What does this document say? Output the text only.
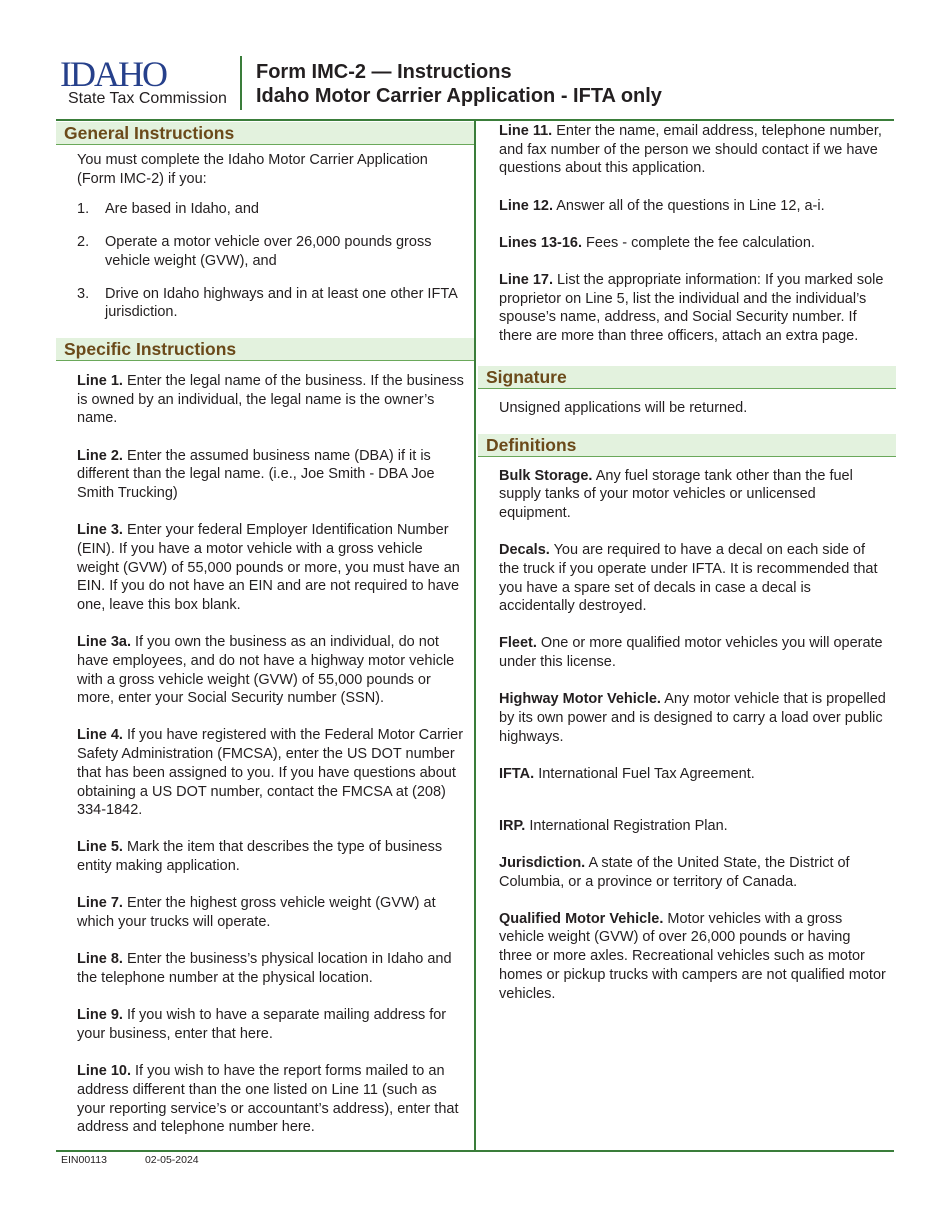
IDAHO
State Tax Commission
Form IMC-2 — Instructions
Idaho Motor Carrier Application - IFTA only
General Instructions

You must complete the Idaho Motor Carrier Application (Form IMC-2) if you:

1. Are based in Idaho, and
2. Operate a motor vehicle over 26,000 pounds gross vehicle weight (GVW), and
3. Drive on Idaho highways and in at least one other IFTA jurisdiction.
Specific Instructions

Line 1. Enter the legal name of the business. If the business is owned by an individual, the legal name is the owner’s name.

Line 2. Enter the assumed business name (DBA) if it is different than the legal name. (i.e., Joe Smith - DBA Joe Smith Trucking)

Line 3. Enter your federal Employer Identification Number (EIN). If you have a motor vehicle with a gross vehicle weight (GVW) of 55,000 pounds or more, you must have an EIN. If you do not have an EIN and are not required to have one, leave this box blank.

Line 3a. If you own the business as an individual, do not have employees, and do not have a highway motor vehicle with a gross vehicle weight (GVW) of 55,000 pounds or more, enter your Social Security number (SSN).

Line 4. If you have registered with the Federal Motor Carrier Safety Administration (FMCSA), enter the US DOT number that has been assigned to you. If you have questions about obtaining a US DOT number, contact the FMCSA at (208) 334-1842.

Line 5. Mark the item that describes the type of business entity making application.

Line 7. Enter the highest gross vehicle weight (GVW) at which your trucks will operate.

Line 8. Enter the business’s physical location in Idaho and the telephone number at the physical location.

Line 9. If you wish to have a separate mailing address for your business, enter that here.

Line 10. If you wish to have the report forms mailed to an address different than the one listed on Line 11 (such as your reporting service’s or accountant’s address), enter that address and telephone number here.

Line 11. Enter the name, email address, telephone number, and fax number of the person we should contact if we have questions about this application.

Line 12. Answer all of the questions in Line 12, a-i.

Lines 13-16. Fees - complete the fee calculation.

Line 17. List the appropriate information: If you marked sole proprietor on Line 5, list the individual and the individual’s spouse’s name, address, and Social Security number. If there are more than three officers, attach an extra page.

Signature

Unsigned applications will be returned.

Definitions

Bulk Storage. Any fuel storage tank other than the fuel supply tanks of your motor vehicles or unlicensed equipment.

Decals. You are required to have a decal on each side of the truck if you operate under IFTA. It is recommended that you have a spare set of decals in case a decal is accidentally destroyed.

Fleet. One or more qualified motor vehicles you will operate under this license.

Highway Motor Vehicle. Any motor vehicle that is propelled by its own power and is designed to carry a load over public highways.

IFTA. International Fuel Tax Agreement.

IRP. International Registration Plan.

Jurisdiction. A state of the United State, the District of Columbia, or a province or territory of Canada.

Qualified Motor Vehicle. Motor vehicles with a gross vehicle weight (GVW) of over 26,000 pounds or having three or more axles. Recreational vehicles such as motor homes or pickup trucks with campers are not qualified motor vehicles.

EIN00113	02-05-2024
